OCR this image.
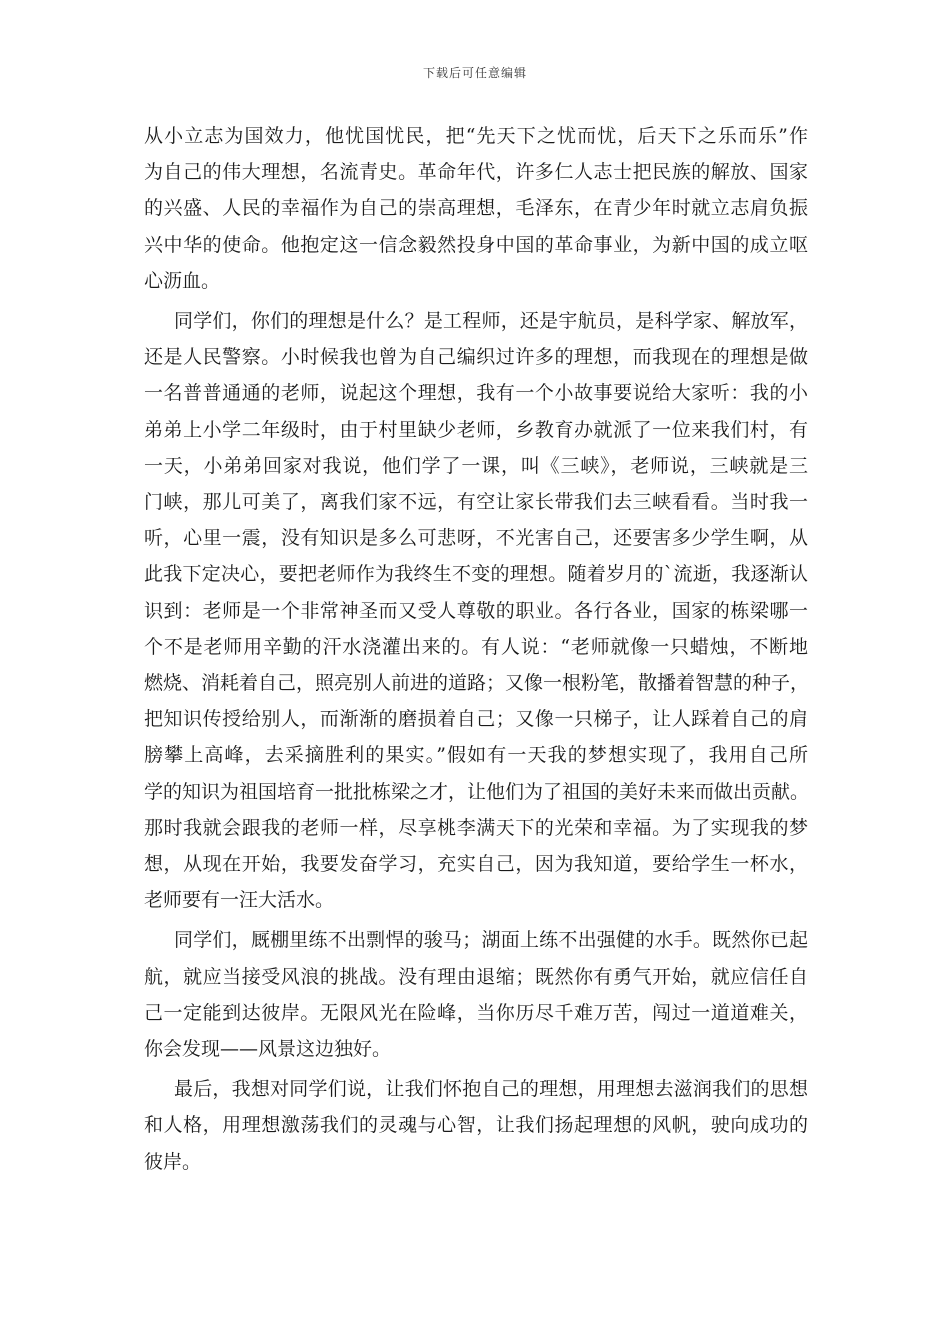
下载后可任意编辑

从小立志为国效力，他忧国忧民，把“先天下之忧而忧，后天下之乐而乐”作
为自己的伟大理想，名流青史。革命年代，许多仁人志士把民族的解放、国家
的兴盛、人民的幸福作为自己的崇高理想，毛泽东，在青少年时就立志肩负振
兴中华的使命。他抱定这一信念毅然投身中国的革命事业，为新中国的成立呕
心沥血。

同学们，你们的理想是什么？是工程师，还是宇航员，是科学家、解放军，
还是人民警察。小时候我也曾为自己编织过许多的理想，而我现在的理想是做
一名普普通通的老师，说起这个理想，我有一个小故事要说给大家听：我的小
弟弟上小学二年级时，由于村里缺少老师，乡教育办就派了一位来我们村，有
一天，小弟弟回家对我说，他们学了一课，叫《三峡》，老师说，三峡就是三
门峡，那儿可美了，离我们家不远，有空让家长带我们去三峡看看。当时我一
听，心里一震，没有知识是多么可悲呀，不光害自己，还要害多少学生啊，从
此我下定决心，要把老师作为我终生不变的理想。随着岁月的`流逝，我逐渐认
识到：老师是一个非常神圣而又受人尊敬的职业。各行各业，国家的栋梁哪一
个不是老师用辛勤的汗水浇灌出来的。有人说：“老师就像一只蜡烛，不断地
燃烧、消耗着自己，照亮别人前进的道路；又像一根粉笔，散播着智慧的种子，
把知识传授给别人，而渐渐的磨损着自己；又像一只梯子，让人踩着自己的肩
膀攀上高峰，去采摘胜利的果实。”假如有一天我的梦想实现了，我用自己所
学的知识为祖国培育一批批栋梁之才，让他们为了祖国的美好未来而做出贡献。
那时我就会跟我的老师一样，尽享桃李满天下的光荣和幸福。为了实现我的梦
想，从现在开始，我要发奋学习，充实自己，因为我知道，要给学生一杯水，
老师要有一汪大活水。

同学们，厩棚里练不出剽悍的骏马；湖面上练不出强健的水手。既然你已起
航，就应当接受风浪的挑战。没有理由退缩；既然你有勇气开始，就应信任自
己一定能到达彼岸。无限风光在险峰，当你历尽千难万苦，闯过一道道难关，
你会发现——风景这边独好。

最后，我想对同学们说，让我们怀抱自己的理想，用理想去滋润我们的思想
和人格，用理想激荡我们的灵魂与心智，让我们扬起理想的风帆，驶向成功的
彼岸。
